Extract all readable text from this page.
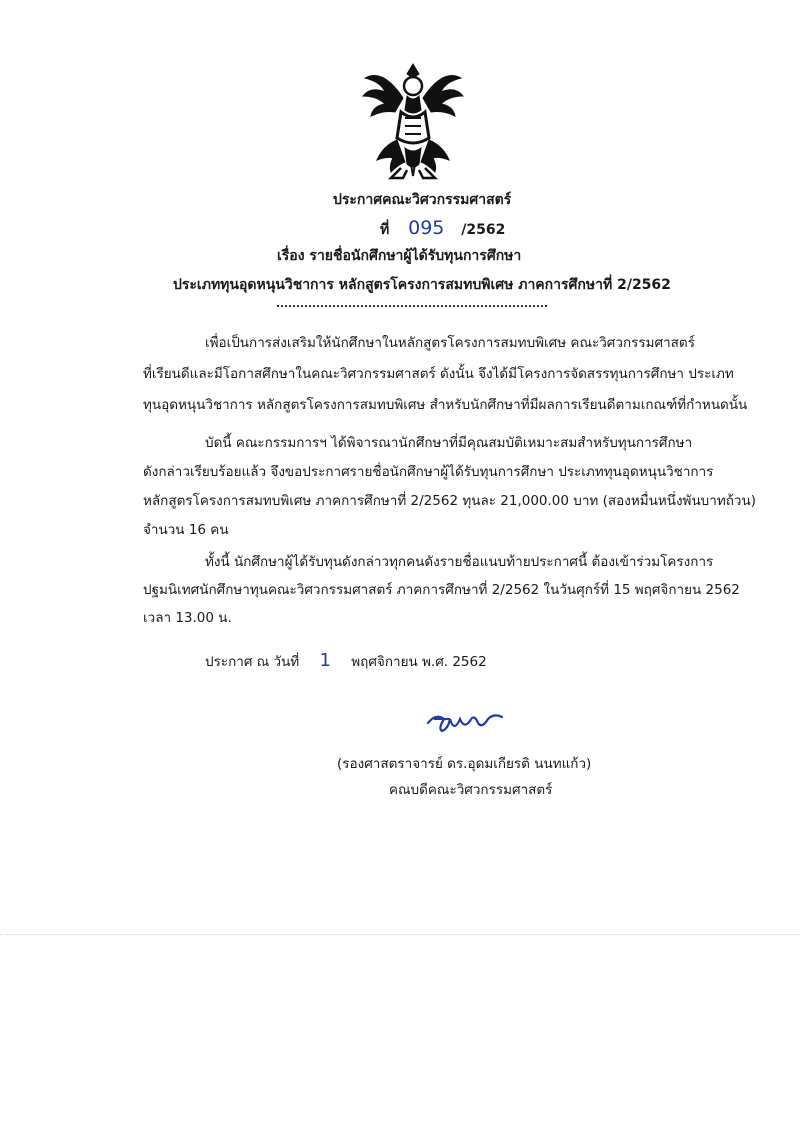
ประกาศคณะวิศวกรรมศาสตร์
ที่ 095 /2562
เรื่อง รายชื่อนักศึกษาผู้ได้รับทุนการศึกษา
ประเภททุนอุดหนุนวิชาการ หลักสูตรโครงการสมทบพิเศษ ภาคการศึกษาที่ 2/2562
เพื่อเป็นการส่งเสริมให้นักศึกษาในหลักสูตรโครงการสมทบพิเศษ คณะวิศวกรรมศาสตร์
ที่เรียนดีและมีโอกาสศึกษาในคณะวิศวกรรมศาสตร์ ดังนั้น จึงได้มีโครงการจัดสรรทุนการศึกษา ประเภท
ทุนอุดหนุนวิชาการ หลักสูตรโครงการสมทบพิเศษ สำหรับนักศึกษาที่มีผลการเรียนดีตามเกณฑ์ที่กำหนดนั้น
บัดนี้ คณะกรรมการฯ ได้พิจารณานักศึกษาที่มีคุณสมบัติเหมาะสมสำหรับทุนการศึกษา
ดังกล่าวเรียบร้อยแล้ว จึงขอประกาศรายชื่อนักศึกษาผู้ได้รับทุนการศึกษา ประเภททุนอุดหนุนวิชาการ
หลักสูตรโครงการสมทบพิเศษ ภาคการศึกษาที่ 2/2562 ทุนละ 21,000.00 บาท (สองหมื่นหนึ่งพันบาทถ้วน)
จำนวน 16 คน
ทั้งนี้ นักศึกษาผู้ได้รับทุนดังกล่าวทุกคนดังรายชื่อแนบท้ายประกาศนี้ ต้องเข้าร่วมโครงการ
ปฐมนิเทศนักศึกษาทุนคณะวิศวกรรมศาสตร์ ภาคการศึกษาที่ 2/2562 ในวันศุกร์ที่ 15 พฤศจิกายน 2562
เวลา 13.00 น.
ประกาศ ณ วันที่ 1 พฤศจิกายน พ.ศ. 2562
(รองศาสตราจารย์ ดร.อุดมเกียรติ นนทแก้ว)
คณบดีคณะวิศวกรรมศาสตร์
